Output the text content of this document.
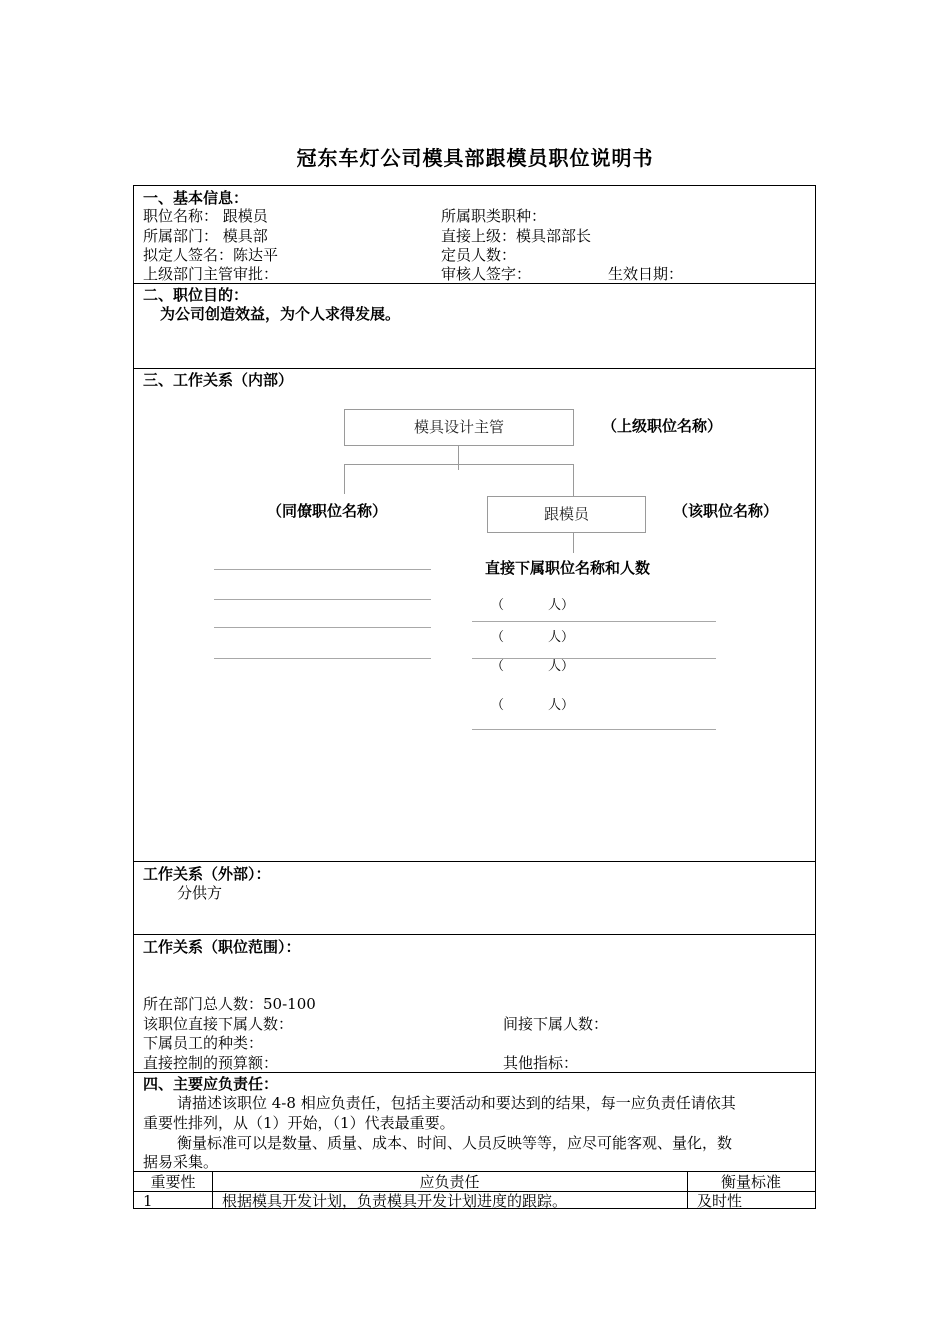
冠东车灯公司模具部跟模员职位说明书
一、基本信息：
职位名称： 跟模员	所属职类职种：
所属部门： 模具部	直接上级：模具部部长
拟定人签名：陈达平	定员人数：
上级部门主管审批：	审核人签字：	生效日期：
二、职位目的：
为公司创造效益，为个人求得发展。
三、工作关系（内部）
模具设计主管	（上级职位名称）
（同僚职位名称）	跟模员	（该职位名称）
直接下属职位名称和人数
（	人）
（	人）
（	人）
（	人）
工作关系（外部）：
分供方
工作关系（职位范围）：
所在部门总人数：50-100
该职位直接下属人数：	间接下属人数：
下属员工的种类：
直接控制的预算额：	其他指标：
四、主要应负责任：
请描述该职位 4-8 相应负责任，包括主要活动和要达到的结果，每一应负责任请依其
重要性排列，从（1）开始，（1）代表最重要。
衡量标准可以是数量、质量、成本、时间、人员反映等等，应尽可能客观、量化，数
据易采集。
重要性	应负责任	衡量标准
1	根据模具开发计划，负责模具开发计划进度的跟踪。	及时性
